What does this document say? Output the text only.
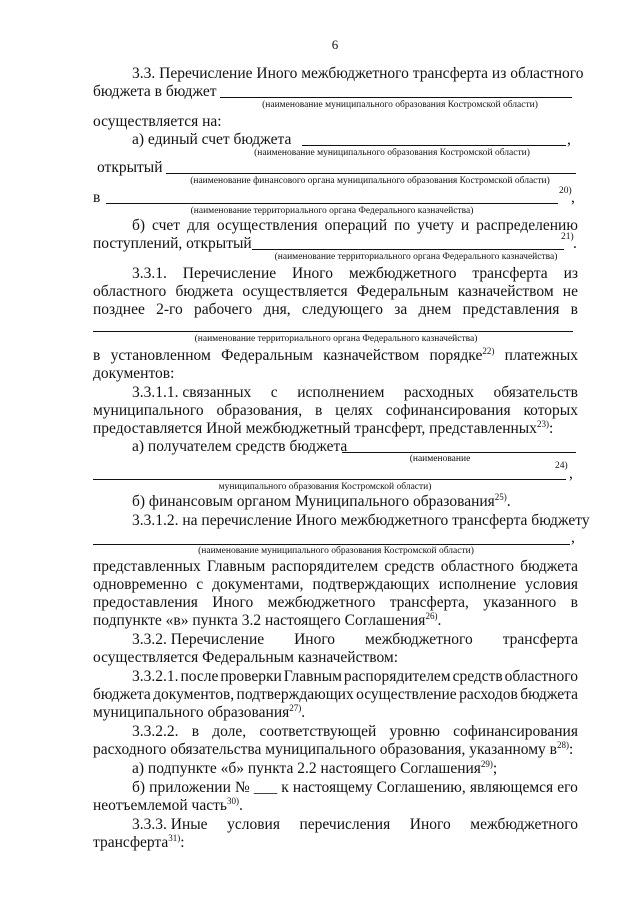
6
3.3. Перечисление Иного межбюджетного трансферта из областного
бюджета в бюджет
(наименование муниципального образования Костромской области)
осуществляется на:
а) единый счет бюджета	,
(наименование муниципального образования Костромской области)
открытый
(наименование финансового органа муниципального образования Костромской области)
в	20) ,
(наименование территориального органа Федерального казначейства)
б) счет для осуществления операций по учету и распределению
поступлений, открытый	21) .
(наименование территориального органа Федерального казначейства)
3.3.1. Перечисление Иного межбюджетного трансферта из
областного бюджета осуществляется Федеральным казначейством не
позднее 2-го рабочего дня, следующего за днем представления в
(наименование территориального органа Федерального казначейства)
в установленном Федеральным казначейством порядке$^{22)}$ платежных
документов:
3.3.1.1. связанных с исполнением расходных обязательств
муниципального образования, в целях софинансирования которых
предоставляется Иной межбюджетный трансферт, представленных$^{23)}$:
а) получателем средств бюджета
(наименование
24) ,
муниципального образования Костромской области)
б) финансовым органом Муниципального образования$^{25)}$.
3.3.1.2. на перечисление Иного межбюджетного трансферта бюджету
,
(наименование муниципального образования Костромской области)
представленных Главным распорядителем средств областного бюджета
одновременно с документами, подтверждающих исполнение условия
предоставления Иного межбюджетного трансферта, указанного в
подпункте «в» пункта 3.2 настоящего Соглашения$^{26)}$.
3.3.2. Перечисление Иного межбюджетного трансферта
осуществляется Федеральным казначейством:
3.3.2.1. после проверки Главным распорядителем средств областного
бюджета документов, подтверждающих осуществление расходов бюджета
муниципального образования$^{27)}$.
3.3.2.2. в доле, соответствующей уровню софинансирования
расходного обязательства муниципального образования, указанному $в^{28)}$:
а) подпункте «б» пункта 2.2 настоящего Соглашения$^{29)}$;
б) приложении № ___ к настоящему Соглашению, являющемся его
неотъемлемой часть$^{30)}$.
3.3.3. Иные условия перечисления Иного межбюджетного
трансферта$^{31)}$:
